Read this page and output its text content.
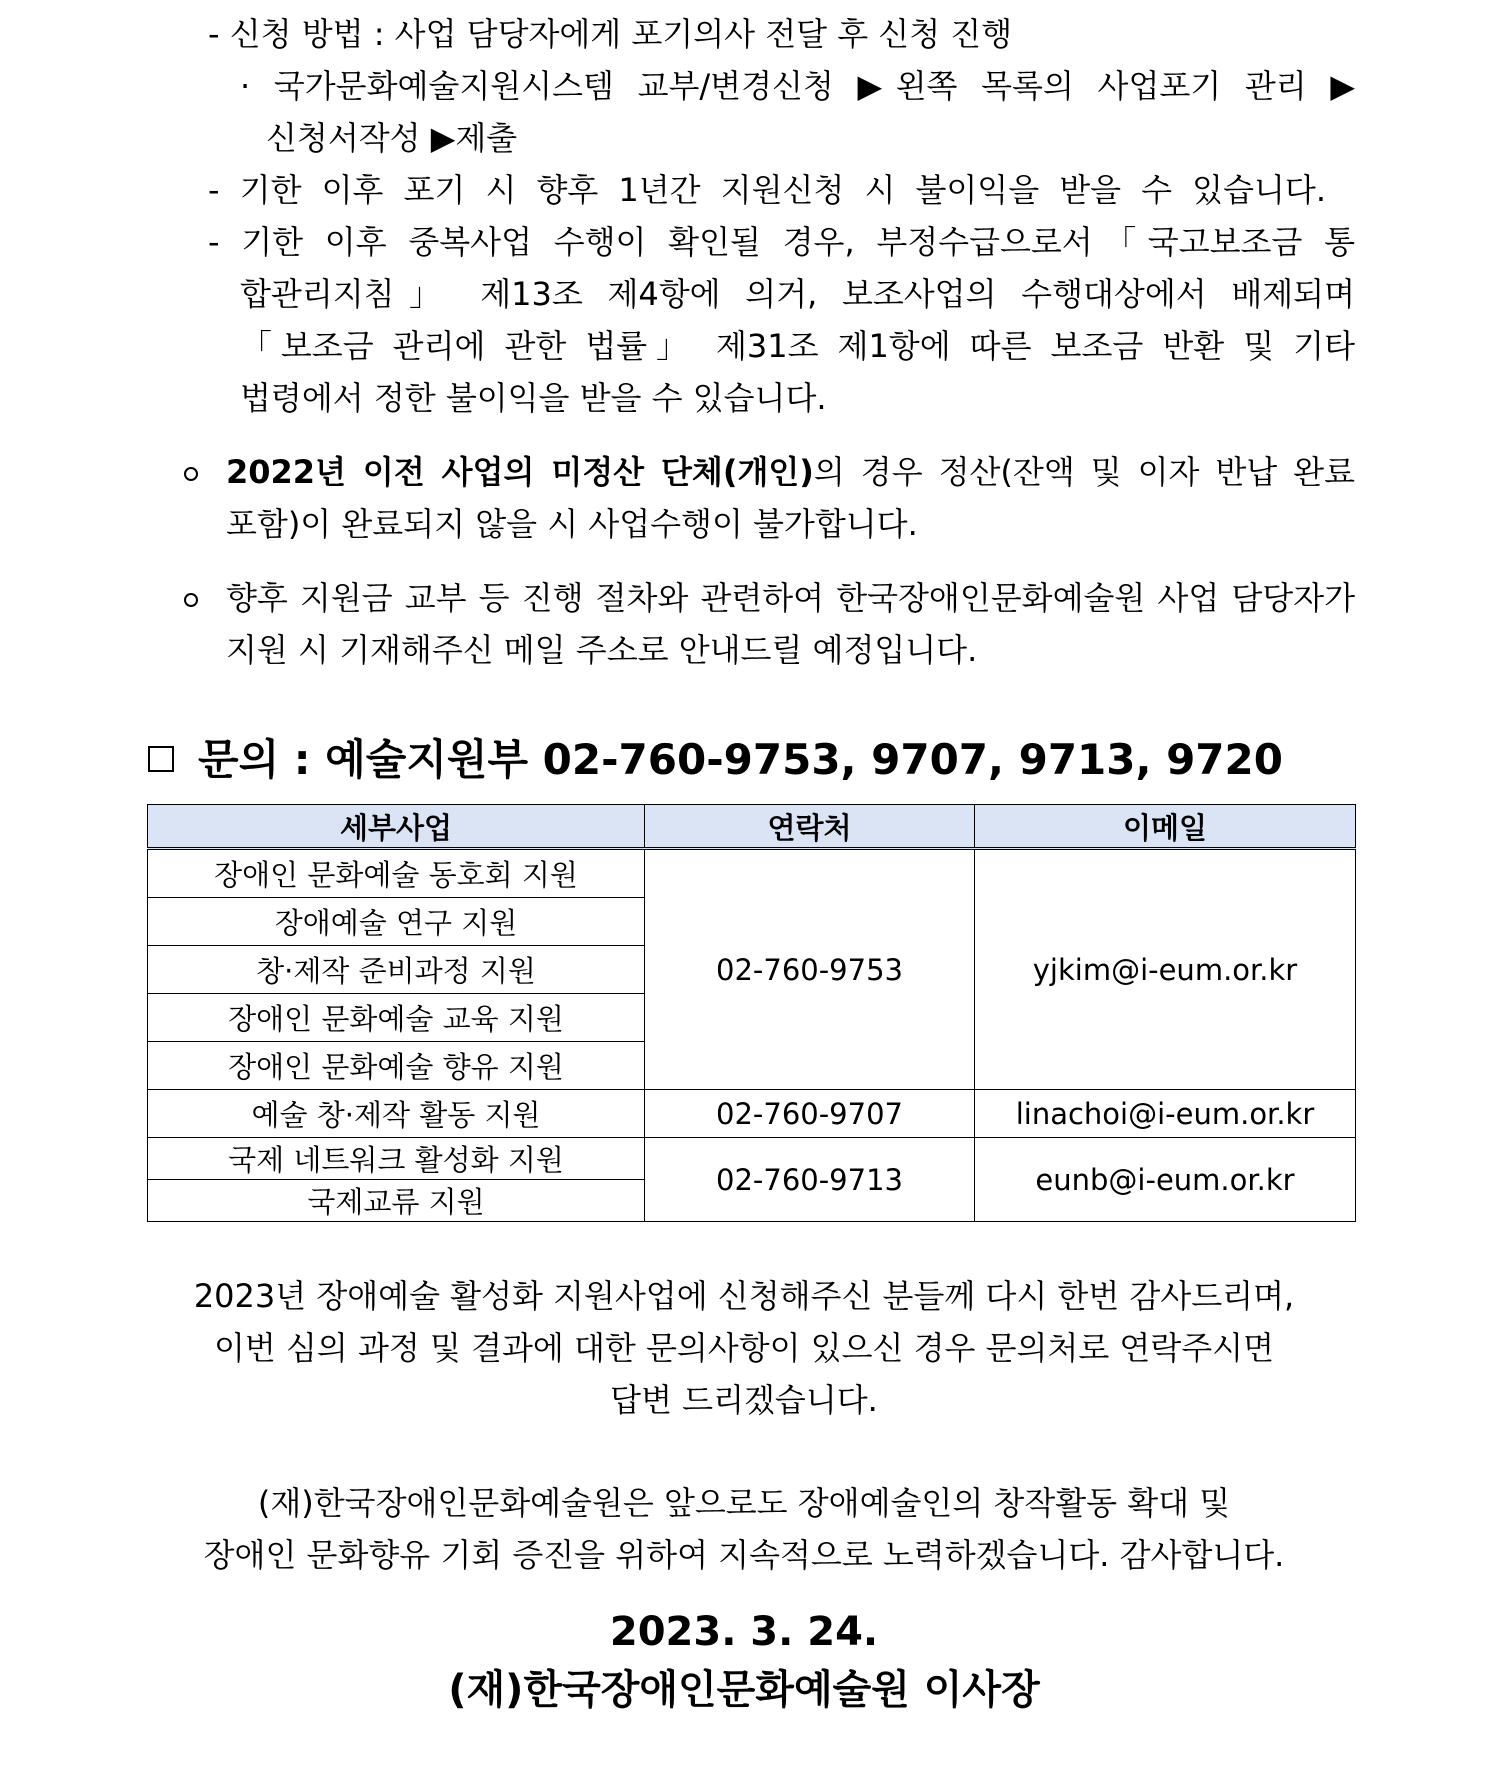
- 신청 방법 : 사업 담당자에게 포기의사 전달 후 신청 진행
· 국가문화예술지원시스템 교부/변경신청 ▶왼쪽 목록의 사업포기 관리 ▶
신청서작성 ▶제출
- 기한 이후 포기 시 향후 1년간 지원신청 시 불이익을 받을 수 있습니다.
- 기한 이후 중복사업 수행이 확인될 경우, 부정수급으로서「국고보조금 통
합관리지침」 제13조 제4항에 의거, 보조사업의 수행대상에서 배제되며
「보조금 관리에 관한 법률」 제31조 제1항에 따른 보조금 반환 및 기타
법령에서 정한 불이익을 받을 수 있습니다.
2022년 이전 사업의 미정산 단체(개인)의 경우 정산(잔액 및 이자 반납 완료
포함)이 완료되지 않을 시 사업수행이 불가합니다.
향후 지원금 교부 등 진행 절차와 관련하여 한국장애인문화예술원 사업 담당자가
지원 시 기재해주신 메일 주소로 안내드릴 예정입니다.
문의 : 예술지원부 02-760-9753, 9707, 9713, 9720
세부사업	연락처	이메일
장애인 문화예술 동호회 지원	02-760-9753	yjkim@i-eum.or.kr
장애예술 연구 지원		
창·제작 준비과정 지원		
장애인 문화예술 교육 지원		
장애인 문화예술 향유 지원		
예술 창·제작 활동 지원	02-760-9707	linachoi@i-eum.or.kr
국제 네트워크 활성화 지원	02-760-9713	eunb@i-eum.or.kr
국제교류 지원		
2023년 장애예술 활성화 지원사업에 신청해주신 분들께 다시 한번 감사드리며,
이번 심의 과정 및 결과에 대한 문의사항이 있으신 경우 문의처로 연락주시면
답변 드리겠습니다.
(재)한국장애인문화예술원은 앞으로도 장애예술인의 창작활동 확대 및
장애인 문화향유 기회 증진을 위하여 지속적으로 노력하겠습니다. 감사합니다.
2023. 3. 24.
(재)한국장애인문화예술원 이사장
